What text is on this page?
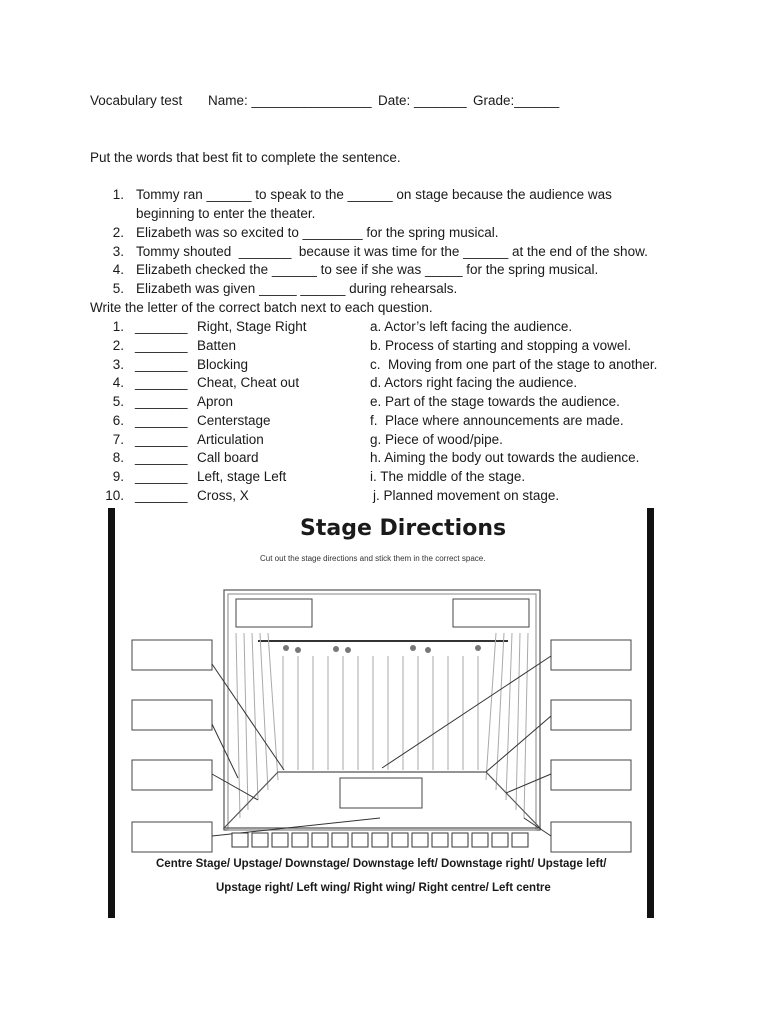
Vocabulary test Name: ________________ Date: _______ Grade:______
Put the words that best fit to complete the sentence.
1. Tommy ran ______ to speak to the ______ on stage because the audience was
beginning to enter the theater.
2. Elizabeth was so excited to ________ for the spring musical.
3. Tommy shouted  _______  because it was time for the ______ at the end of the show.
4. Elizabeth checked the ______ to see if she was _____ for the spring musical.
5. Elizabeth was given _____ ______ during rehearsals.
Write the letter of the correct batch next to each question.
1. _______ Right, Stage Right	a. Actor’s left facing the audience.
2. _______ Batten	b. Process of starting and stopping a vowel.
3. _______ Blocking	c.  Moving from one part of the stage to another.
4. _______ Cheat, Cheat out	d. Actors right facing the audience.
5. _______ Apron	e. Part of the stage towards the audience.
6. _______ Centerstage	f.  Place where announcements are made.
7. _______ Articulation	g. Piece of wood/pipe.
8. _______ Call board	h. Aiming the body out towards the audience.
9. _______ Left, stage Left	i. The middle of the stage.
10. _______ Cross, X	j. Planned movement on stage.
Stage Directions
Cut out the stage directions and stick them in the correct space.
Centre Stage/ Upstage/ Downstage/ Downstage left/ Downstage right/ Upstage left/
Upstage right/ Left wing/ Right wing/ Right centre/ Left centre
